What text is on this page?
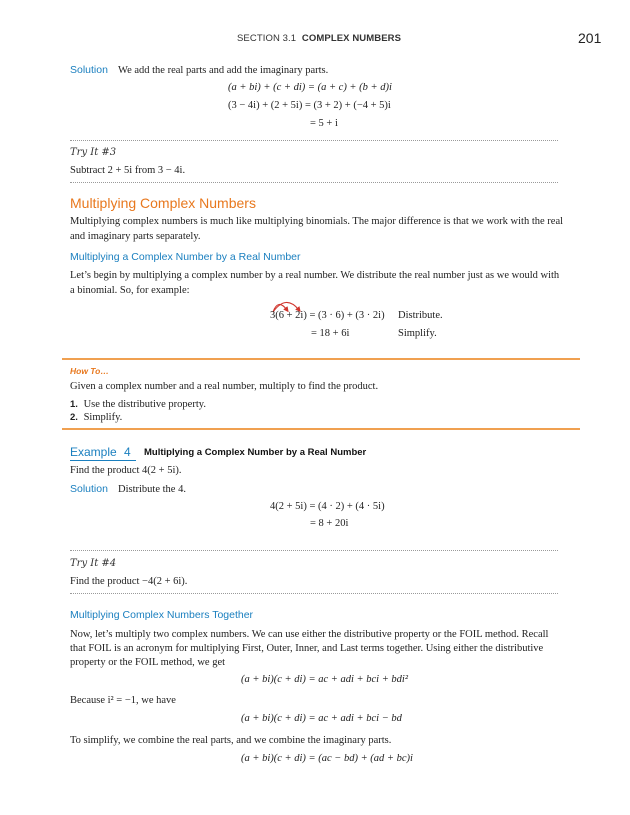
SECTION 3.1 COMPLEX NUMBERS	201
Solution We add the real parts and add the imaginary parts.
(a + bi) + (c + di) = (a + c) + (b + d)i
(3 − 4i) + (2 + 5i) = (3 + 2) + (−4 + 5)i
= 5 + i
Try It #3
Subtract 2 + 5i from 3 − 4i.
Multiplying Complex Numbers
Multiplying complex numbers is much like multiplying binomials. The major difference is that we work with the real
and imaginary parts separately.
Multiplying a Complex Number by a Real Number
Let’s begin by multiplying a complex number by a real number. We distribute the real number just as we would with
a binomial. So, for example:
3(6 + 2i) = (3 · 6) + (3 · 2i) Distribute.
= 18 + 6i	Simplify.
How To…
Given a complex number and a real number, multiply to find the product.
1. Use the distributive property.
2. Simplify.
Example 4 Multiplying a Complex Number by a Real Number
Find the product 4(2 + 5i).
Solution Distribute the 4.
4(2 + 5i) = (4 · 2) + (4 · 5i)
= 8 + 20i
Try It #4
Find the product −4(2 + 6i).
Multiplying Complex Numbers Together
Now, let’s multiply two complex numbers. We can use either the distributive property or the FOIL method. Recall
that FOIL is an acronym for multiplying First, Outer, Inner, and Last terms together. Using either the distributive
property or the FOIL method, we get
(a + bi)(c + di) = ac + adi + bci + bdi²
Because i² = −1, we have
(a + bi)(c + di) = ac + adi + bci − bd
To simplify, we combine the real parts, and we combine the imaginary parts.
(a + bi)(c + di) = (ac − bd) + (ad + bc)i
